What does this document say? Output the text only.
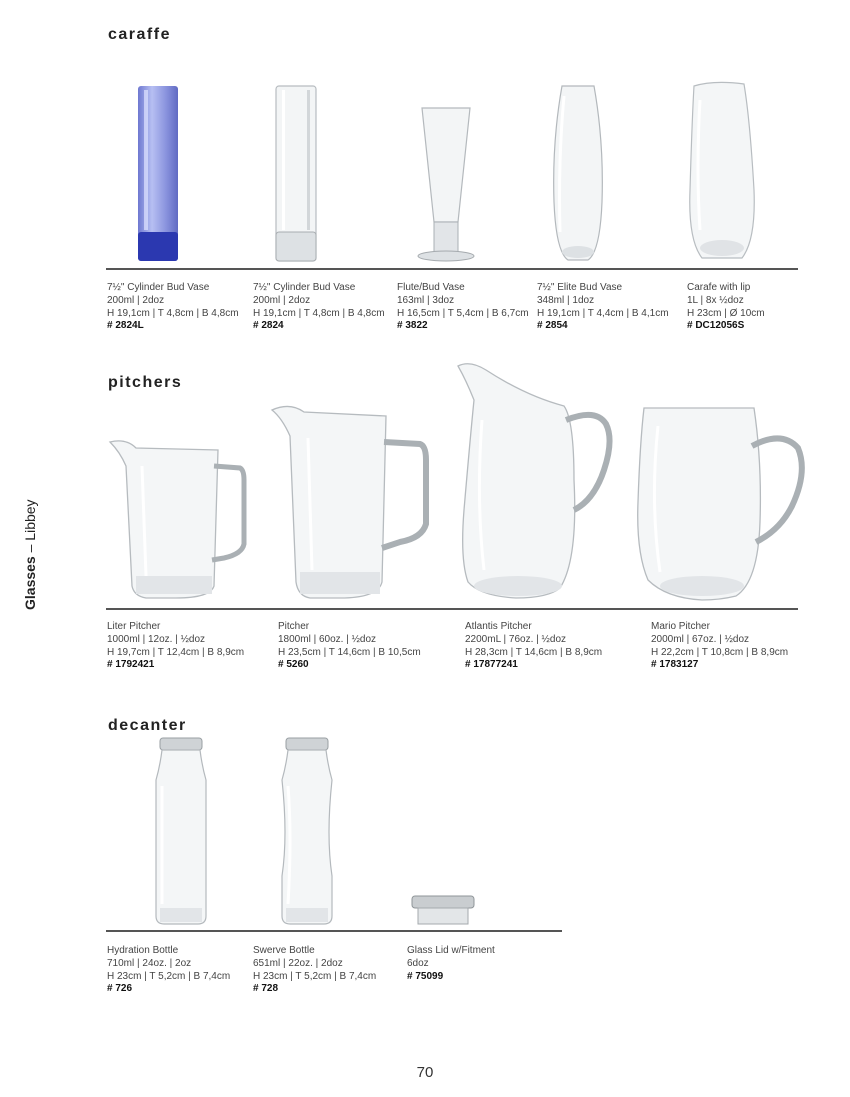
Glasses – Libbey
caraffe
7½" Cylinder Bud Vase
200ml | 2doz
H 19,1cm | T 4,8cm | B 4,8cm
# 2824L
7½" Cylinder Bud Vase
200ml | 2doz
H 19,1cm | T 4,8cm | B 4,8cm
# 2824
Flute/Bud Vase
163ml | 3doz
H 16,5cm | T 5,4cm | B 6,7cm
# 3822
7½" Elite Bud Vase
348ml | 1doz
H 19,1cm | T 4,4cm | B 4,1cm
# 2854
Carafe with lip
1L | 8x ½doz
H 23cm | Ø 10cm
# DC12056S
pitchers
Liter Pitcher
1000ml | 12oz. | ½doz
H 19,7cm | T 12,4cm | B 8,9cm
# 1792421
Pitcher
1800ml | 60oz. | ½doz
H 23,5cm | T 14,6cm | B 10,5cm
# 5260
Atlantis Pitcher
2200mL | 76oz. | ½doz
H 28,3cm | T 14,6cm | B 8,9cm
# 17877241
Mario Pitcher
2000ml | 67oz. | ½doz
H 22,2cm | T 10,8cm | B 8,9cm
# 1783127
decanter
Hydration Bottle
710ml | 24oz. | 2oz
H 23cm | T 5,2cm | B 7,4cm
# 726
Swerve Bottle
651ml | 22oz. | 2doz
H 23cm | T 5,2cm | B 7,4cm
# 728
Glass Lid w/Fitment
6doz
# 75099
70
